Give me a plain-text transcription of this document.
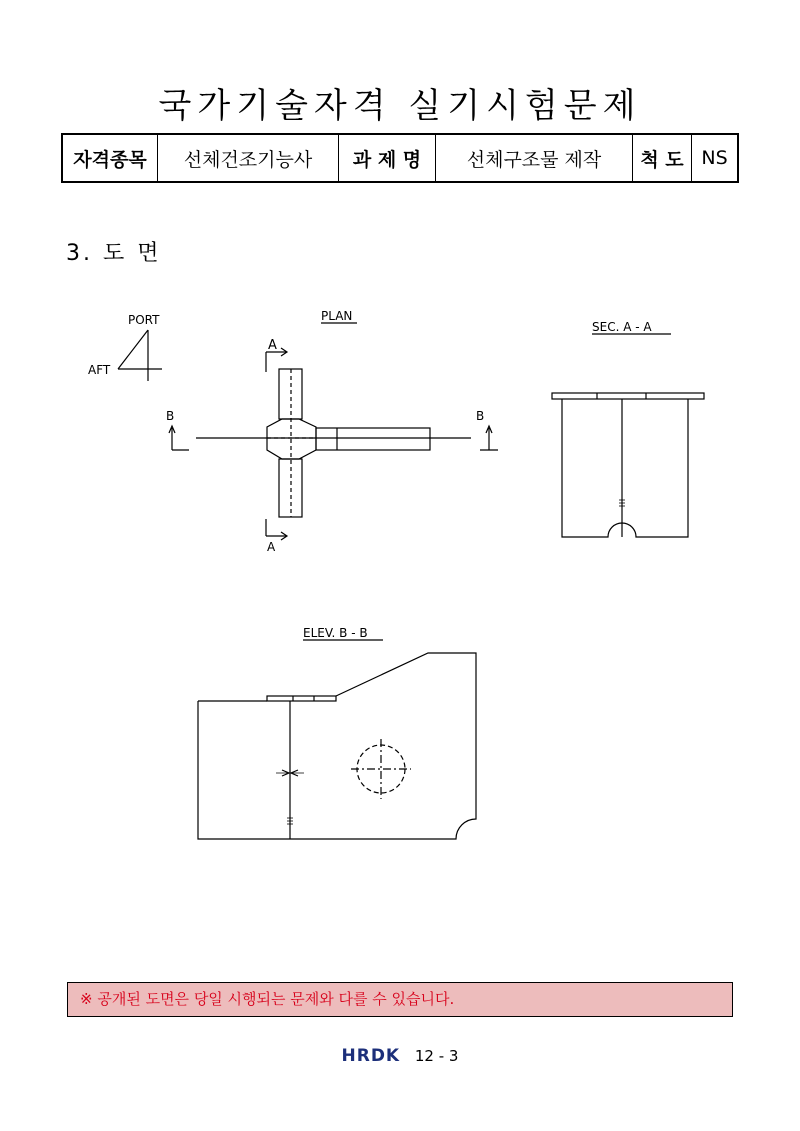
국가기술자격 실기시험문제
자격종목	선체건조기능사	과 제 명	선체구조물 제작	척 도	NS
3. 도 면
PORT
AFT
PLAN
A
A
B	B
SEC. A - A
ELEV. B - B
※ 공개된 도면은 당일 시행되는 문제와 다를 수 있습니다.
HRDK 12 - 3
